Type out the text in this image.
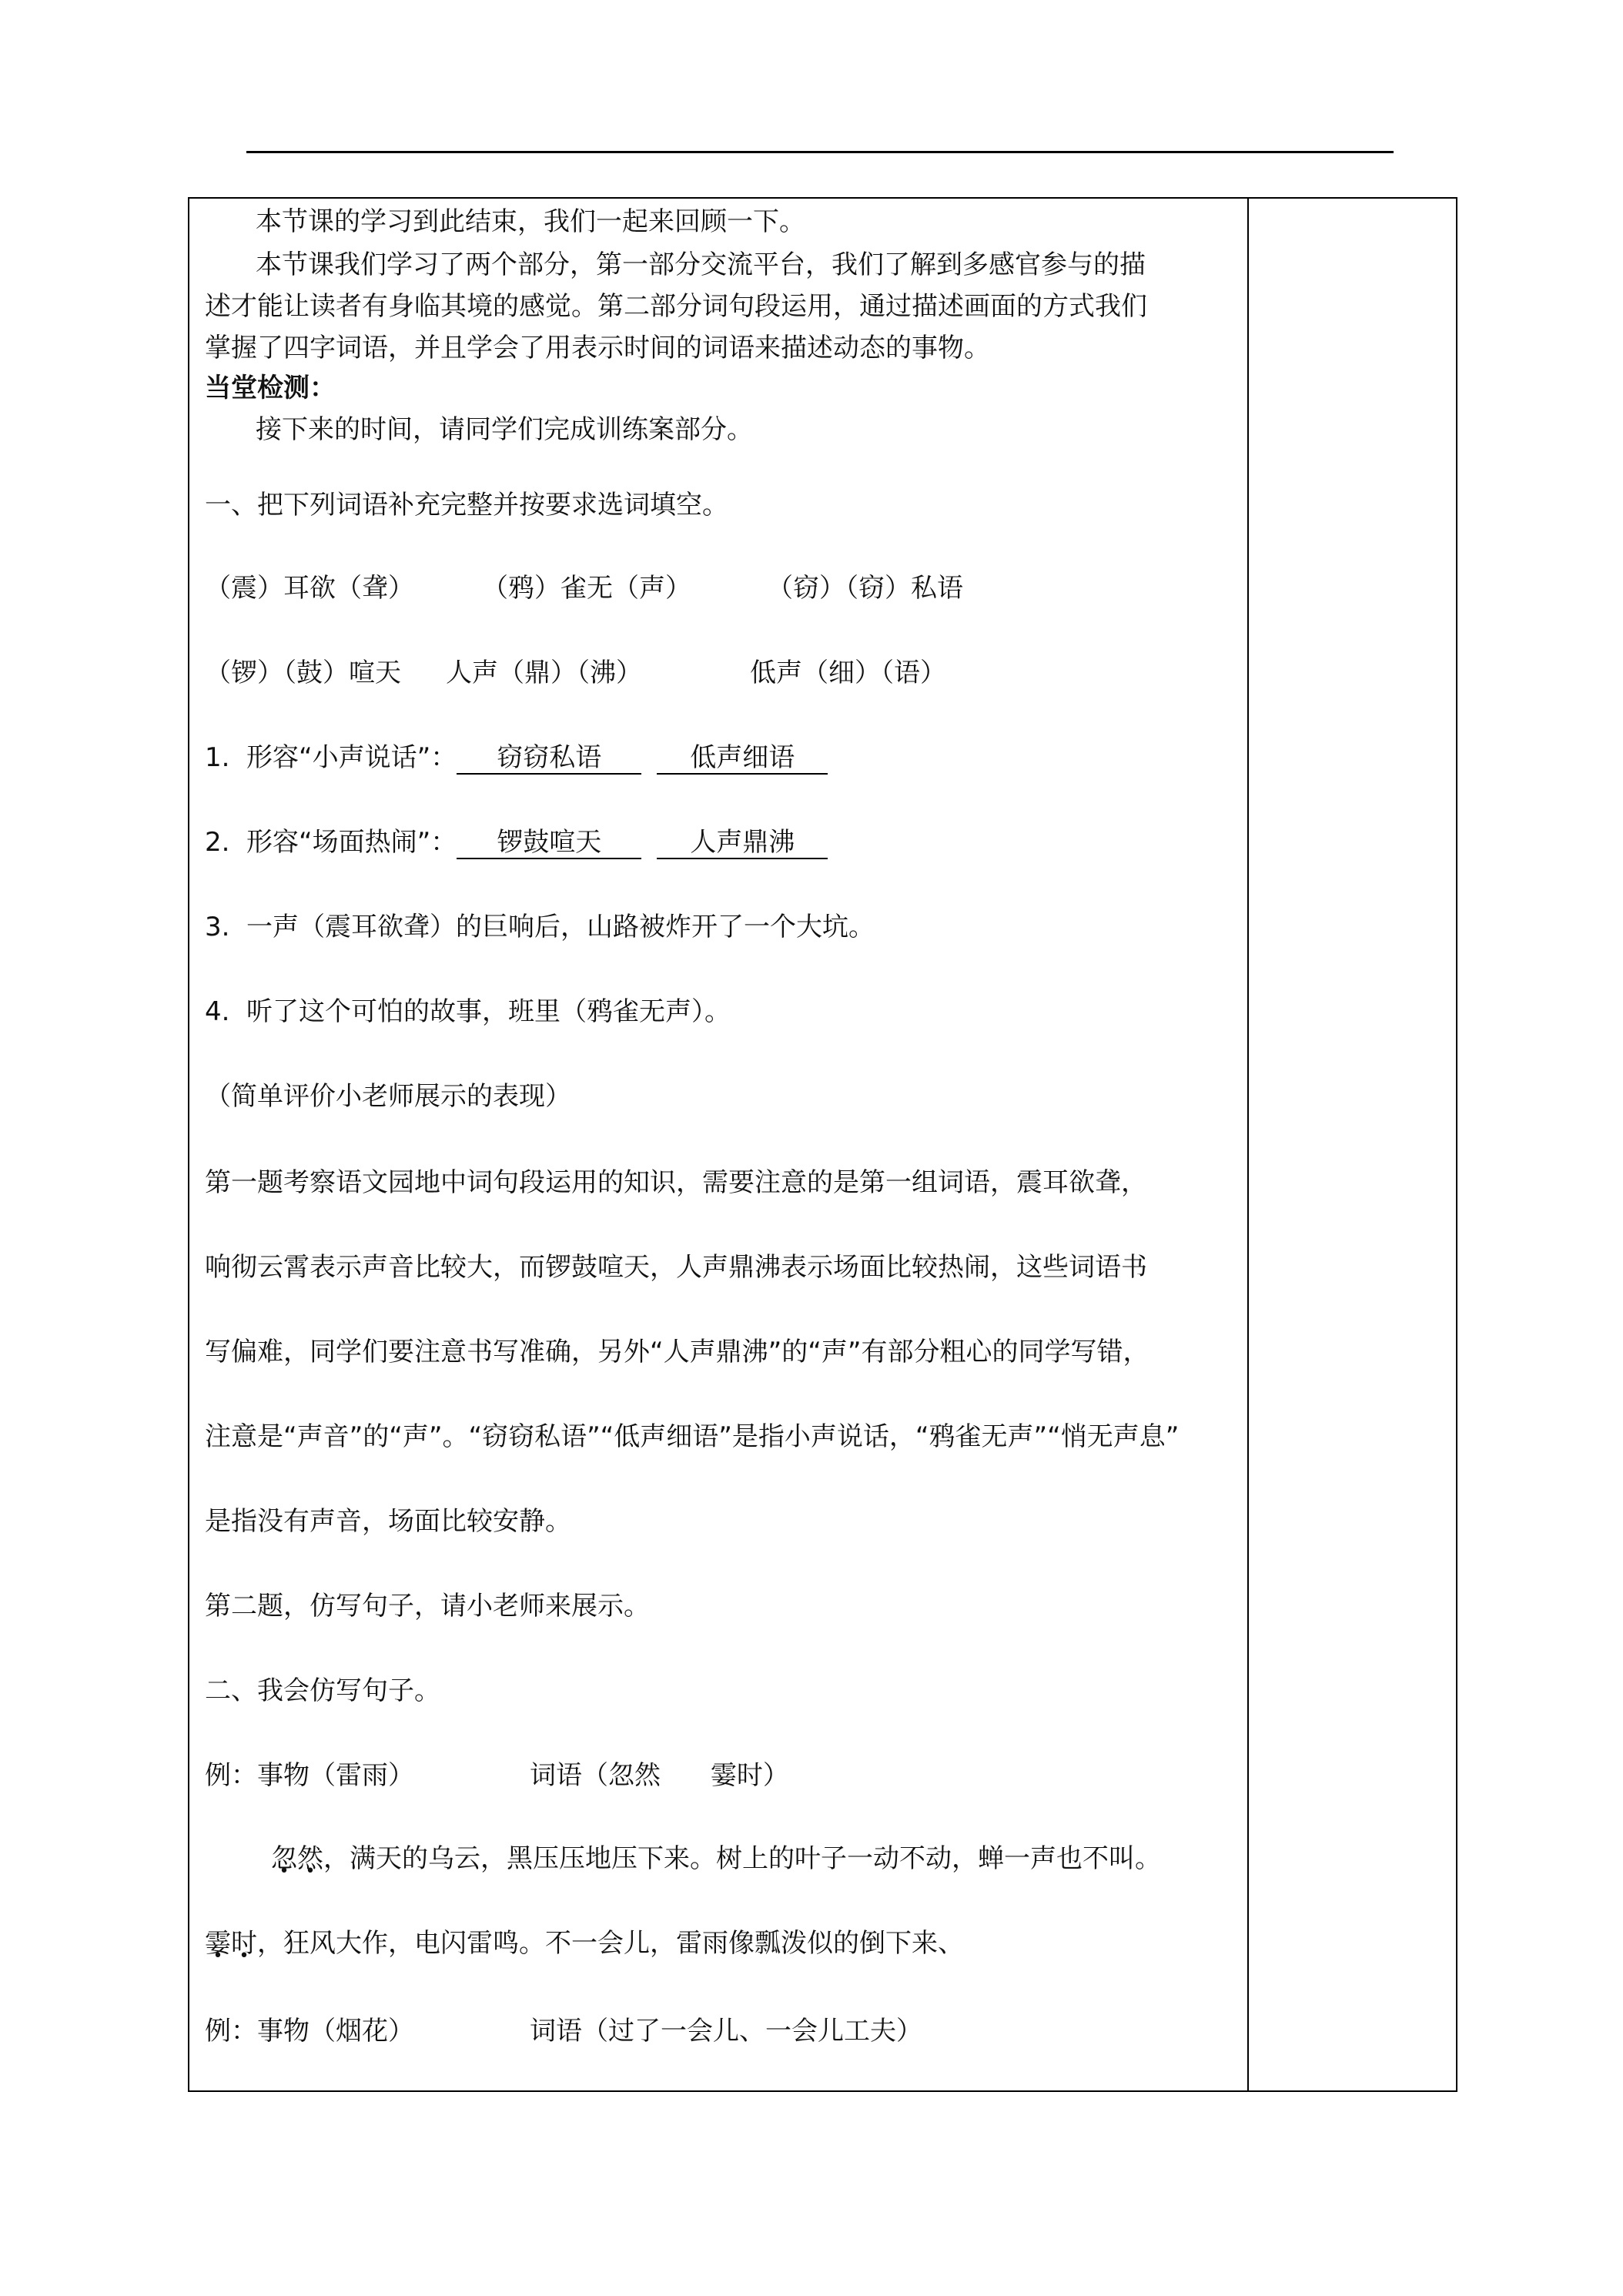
本节课的学习到此结束，我们一起来回顾一下。
本节课我们学习了两个部分，第一部分交流平台，我们了解到多感官参与的描
述才能让读者有身临其境的感觉。第二部分词句段运用，通过描述画面的方式我们
掌握了四字词语，并且学会了用表示时间的词语来描述动态的事物。
当堂检测：
接下来的时间，请同学们完成训练案部分。
一、把下列词语补充完整并按要求选词填空。
（震）耳欲（聋）	（鸦）雀无（声）	（窃）（窃）私语
（锣）（鼓）喧天 人声（鼎）（沸）	低声（细）（语）
1.  形容“小声说话”： 窃窃私语	低声细语
2.  形容“场面热闹”： 锣鼓喧天	人声鼎沸
3.  一声（震耳欲聋）的巨响后，山路被炸开了一个大坑。
4.  听了这个可怕的故事，班里（鸦雀无声）。
（简单评价小老师展示的表现）
第一题考察语文园地中词句段运用的知识，需要注意的是第一组词语，震耳欲聋，
响彻云霄表示声音比较大，而锣鼓喧天，人声鼎沸表示场面比较热闹，这些词语书
写偏难，同学们要注意书写准确，另外“人声鼎沸”的“声”有部分粗心的同学写错，
注意是“声音”的“声”。“窃窃私语”“低声细语”是指小声说话，“鸦雀无声”“悄无声息”
是指没有声音，场面比较安静。
第二题，仿写句子，请小老师来展示。
二、我会仿写句子。
例：事物（雷雨）	词语（忽然      霎时）
忽然，满天的乌云，黑压压地压下来。树上的叶子一动不动，蝉一声也不叫。
霎时，狂风大作，电闪雷鸣。不一会儿，雷雨像瓢泼似的倒下来、
例：事物（烟花）	词语（过了一会儿、一会儿工夫）
